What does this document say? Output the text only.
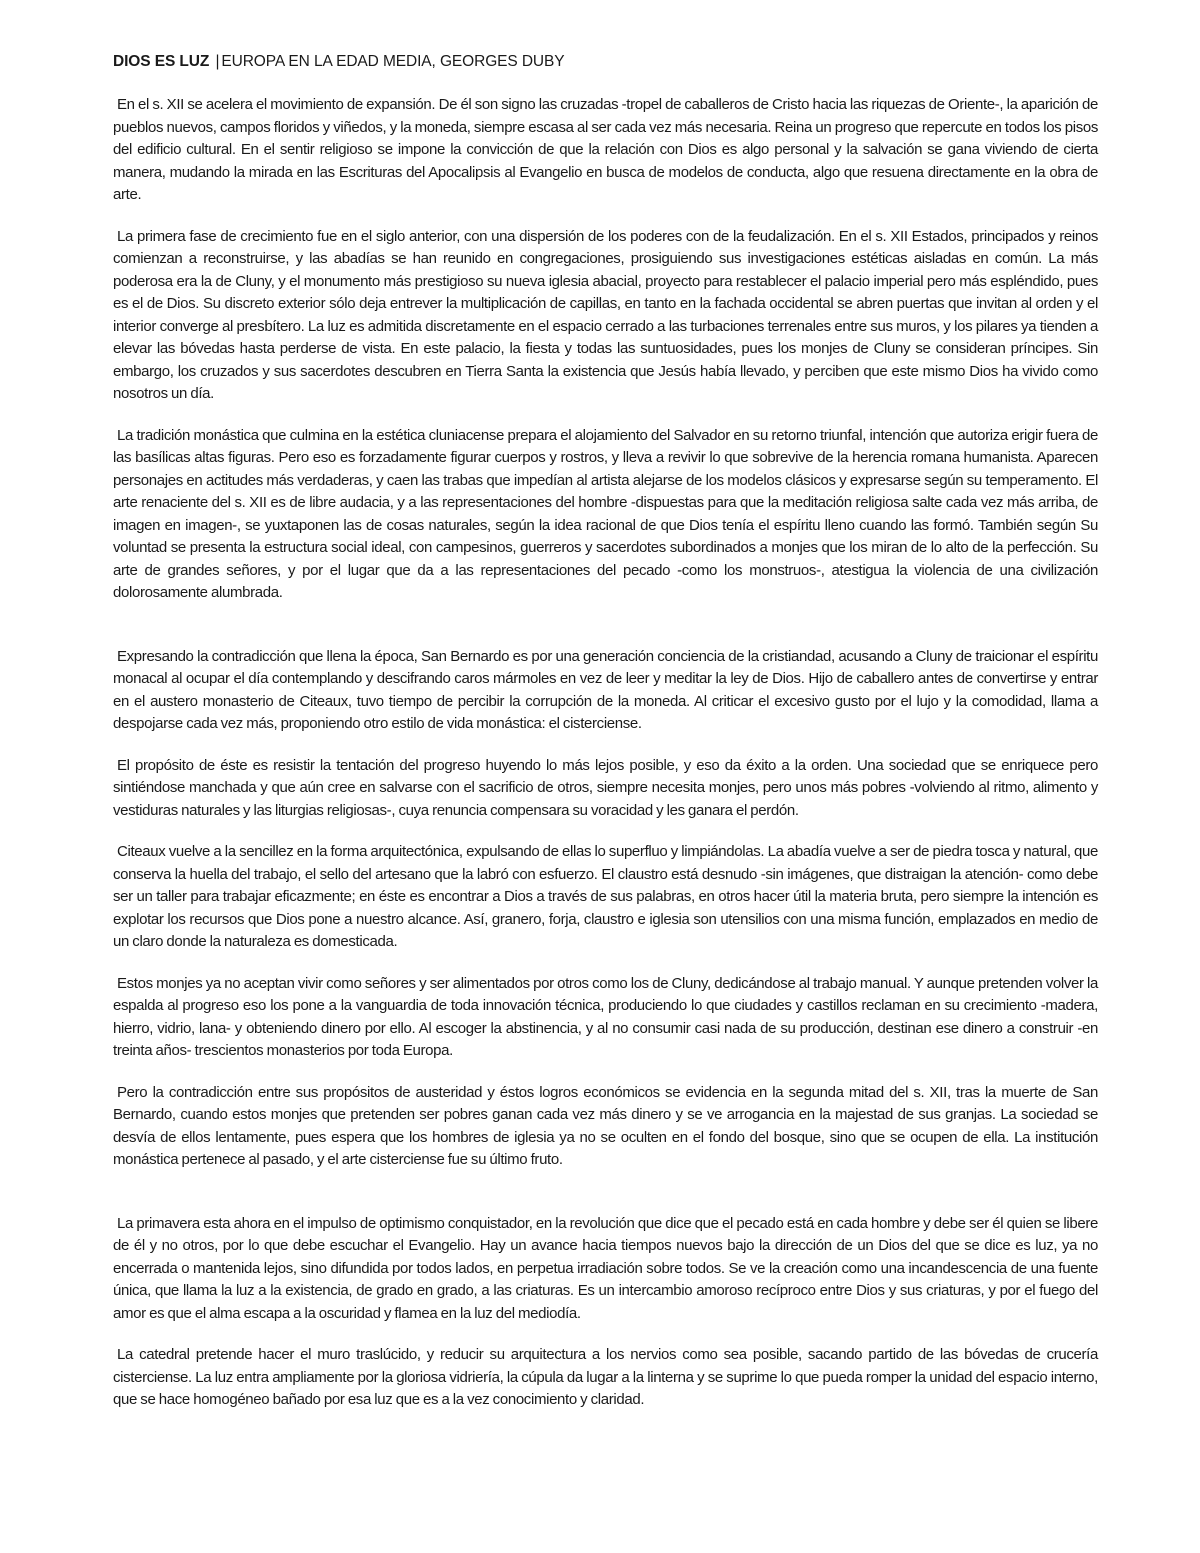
DIOS ES LUZ | EUROPA EN LA EDAD MEDIA, GEORGES DUBY

En el s. XII se acelera el movimiento de expansión. De él son signo las cruzadas -tropel de caballeros de Cristo hacia las riquezas de Oriente-, la aparición de pueblos nuevos, campos floridos y viñedos, y la moneda, siempre escasa al ser cada vez más necesaria. Reina un progreso que repercute en todos los pisos del edificio cultural. En el sentir religioso se impone la convicción de que la relación con Dios es algo personal y la salvación se gana viviendo de cierta manera, mudando la mirada en las Escrituras del Apocalipsis al Evangelio en busca de modelos de conducta, algo que resuena directamente en la obra de arte.

La primera fase de crecimiento fue en el siglo anterior, con una dispersión de los poderes con de la feudalización. En el s. XII Estados, principados y reinos comienzan a reconstruirse, y las abadías se han reunido en congregaciones, prosiguiendo sus investigaciones estéticas aisladas en común. La más poderosa era la de Cluny, y el monumento más prestigioso su nueva iglesia abacial, proyecto para restablecer el palacio imperial pero más espléndido, pues es el de Dios. Su discreto exterior sólo deja entrever la multiplicación de capillas, en tanto en la fachada occidental se abren puertas que invitan al orden y el interior converge al presbítero. La luz es admitida discretamente en el espacio cerrado a las turbaciones terrenales entre sus muros, y los pilares ya tienden a elevar las bóvedas hasta perderse de vista. En este palacio, la fiesta y todas las suntuosidades, pues los monjes de Cluny se consideran príncipes. Sin embargo, los cruzados y sus sacerdotes descubren en Tierra Santa la existencia que Jesús había llevado, y perciben que este mismo Dios ha vivido como nosotros un día.

La tradición monástica que culmina en la estética cluniacense prepara el alojamiento del Salvador en su retorno triunfal, intención que autoriza erigir fuera de las basílicas altas figuras. Pero eso es forzadamente figurar cuerpos y rostros, y lleva a revivir lo que sobrevive de la herencia romana humanista. Aparecen personajes en actitudes más verdaderas, y caen las trabas que impedían al artista alejarse de los modelos clásicos y expresarse según su temperamento. El arte renaciente del s. XII es de libre audacia, y a las representaciones del hombre -dispuestas para que la meditación religiosa salte cada vez más arriba, de imagen en imagen-, se yuxtaponen las de cosas naturales, según la idea racional de que Dios tenía el espíritu lleno cuando las formó. También según Su voluntad se presenta la estructura social ideal, con campesinos, guerreros y sacerdotes subordinados a monjes que los miran de lo alto de la perfección. Su arte de grandes señores, y por el lugar que da a las representaciones del pecado -como los monstruos-, atestigua la violencia de una civilización dolorosamente alumbrada.

Expresando la contradicción que llena la época, San Bernardo es por una generación conciencia de la cristiandad, acusando a Cluny de traicionar el espíritu monacal al ocupar el día contemplando y descifrando caros mármoles en vez de leer y meditar la ley de Dios. Hijo de caballero antes de convertirse y entrar en el austero monasterio de Citeaux, tuvo tiempo de percibir la corrupción de la moneda. Al criticar el excesivo gusto por el lujo y la comodidad, llama a despojarse cada vez más, proponiendo otro estilo de vida monástica: el cisterciense.

El propósito de éste es resistir la tentación del progreso huyendo lo más lejos posible, y eso da éxito a la orden. Una sociedad que se enriquece pero sintiéndose manchada y que aún cree en salvarse con el sacrificio de otros, siempre necesita monjes, pero unos más pobres -volviendo al ritmo, alimento y vestiduras naturales y las liturgias religiosas-, cuya renuncia compensara su voracidad y les ganara el perdón.

Citeaux vuelve a la sencillez en la forma arquitectónica, expulsando de ellas lo superfluo y limpiándolas. La abadía vuelve a ser de piedra tosca y natural, que conserva la huella del trabajo, el sello del artesano que la labró con esfuerzo. El claustro está desnudo -sin imágenes, que distraigan la atención- como debe ser un taller para trabajar eficazmente; en éste es encontrar a Dios a través de sus palabras, en otros hacer útil la materia bruta, pero siempre la intención es explotar los recursos que Dios pone a nuestro alcance. Así, granero, forja, claustro e iglesia son utensilios con una misma función, emplazados en medio de un claro donde la naturaleza es domesticada.

Estos monjes ya no aceptan vivir como señores y ser alimentados por otros como los de Cluny, dedicándose al trabajo manual. Y aunque pretenden volver la espalda al progreso eso los pone a la vanguardia de toda innovación técnica, produciendo lo que ciudades y castillos reclaman en su crecimiento -madera, hierro, vidrio, lana- y obteniendo dinero por ello. Al escoger la abstinencia, y al no consumir casi nada de su producción, destinan ese dinero a construir -en treinta años- trescientos monasterios por toda Europa.

Pero la contradicción entre sus propósitos de austeridad y éstos logros económicos se evidencia en la segunda mitad del s. XII, tras la muerte de San Bernardo, cuando estos monjes que pretenden ser pobres ganan cada vez más dinero y se ve arrogancia en la majestad de sus granjas. La sociedad se desvía de ellos lentamente, pues espera que los hombres de iglesia ya no se oculten en el fondo del bosque, sino que se ocupen de ella. La institución monástica pertenece al pasado, y el arte cisterciense fue su último fruto.

La primavera esta ahora en el impulso de optimismo conquistador, en la revolución que dice que el pecado está en cada hombre y debe ser él quien se libere de él y no otros, por lo que debe escuchar el Evangelio. Hay un avance hacia tiempos nuevos bajo la dirección de un Dios del que se dice es luz, ya no encerrada o mantenida lejos, sino difundida por todos lados, en perpetua irradiación sobre todos. Se ve la creación como una incandescencia de una fuente única, que llama la luz a la existencia, de grado en grado, a las criaturas. Es un intercambio amoroso recíproco entre Dios y sus criaturas, y por el fuego del amor es que el alma escapa a la oscuridad y flamea en la luz del mediodía.

La catedral pretende hacer el muro traslúcido, y reducir su arquitectura a los nervios como sea posible, sacando partido de las bóvedas de crucería cisterciense. La luz entra ampliamente por la gloriosa vidriería, la cúpula da lugar a la linterna y se suprime lo que pueda romper la unidad del espacio interno, que se hace homogéneo bañado por esa luz que es a la vez conocimiento y claridad.
